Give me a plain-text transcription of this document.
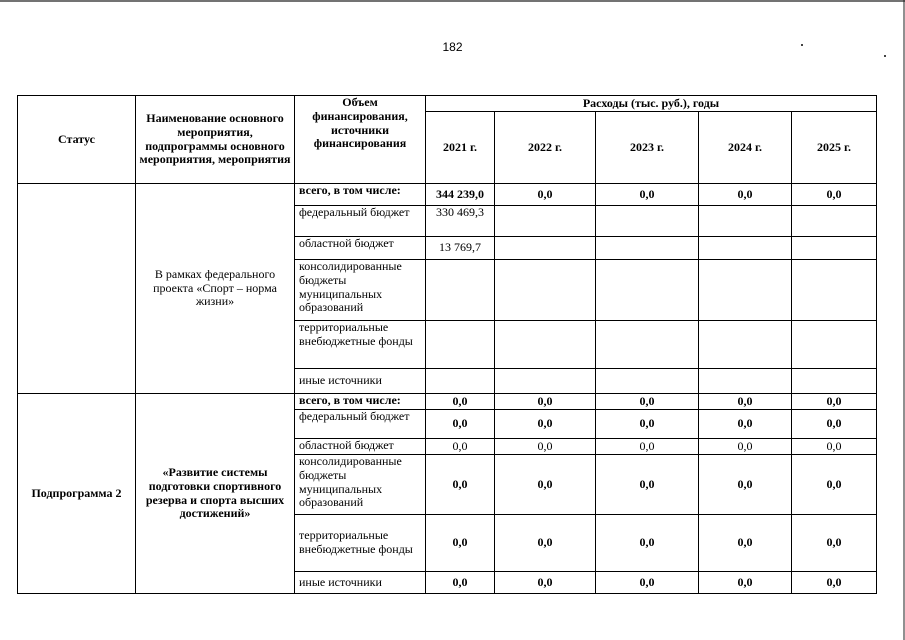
182
Статус	Наименование основного мероприятия, подпрограммы основного мероприятия, мероприятия	Объем финансирования, источники финансирования	Расходы (тыс. руб.), годы				
			2021 г.	2022 г.	2023 г.	2024 г.	2025 г.
	В рамках федерального проекта «Спорт – норма жизни»	всего, в том числе:	344 239,0	0,0	0,0	0,0	0,0
		федеральный бюджет	330 469,3				
		областной бюджет	13 769,7				
		консолидированные бюджеты муниципальных образований					
		территориальные внебюджетные фонды					
		иные источники					
Подпрограмма 2	«Развитие системы подготовки спортивного резерва и спорта высших достижений»	всего, в том числе:	0,0	0,0	0,0	0,0	0,0
		федеральный бюджет	0,0	0,0	0,0	0,0	0,0
		областной бюджет	0,0	0,0	0,0	0,0	0,0
		консолидированные бюджеты муниципальных образований	0,0	0,0	0,0	0,0	0,0
		территориальные внебюджетные фонды	0,0	0,0	0,0	0,0	0,0
		иные источники	0,0	0,0	0,0	0,0	0,0
